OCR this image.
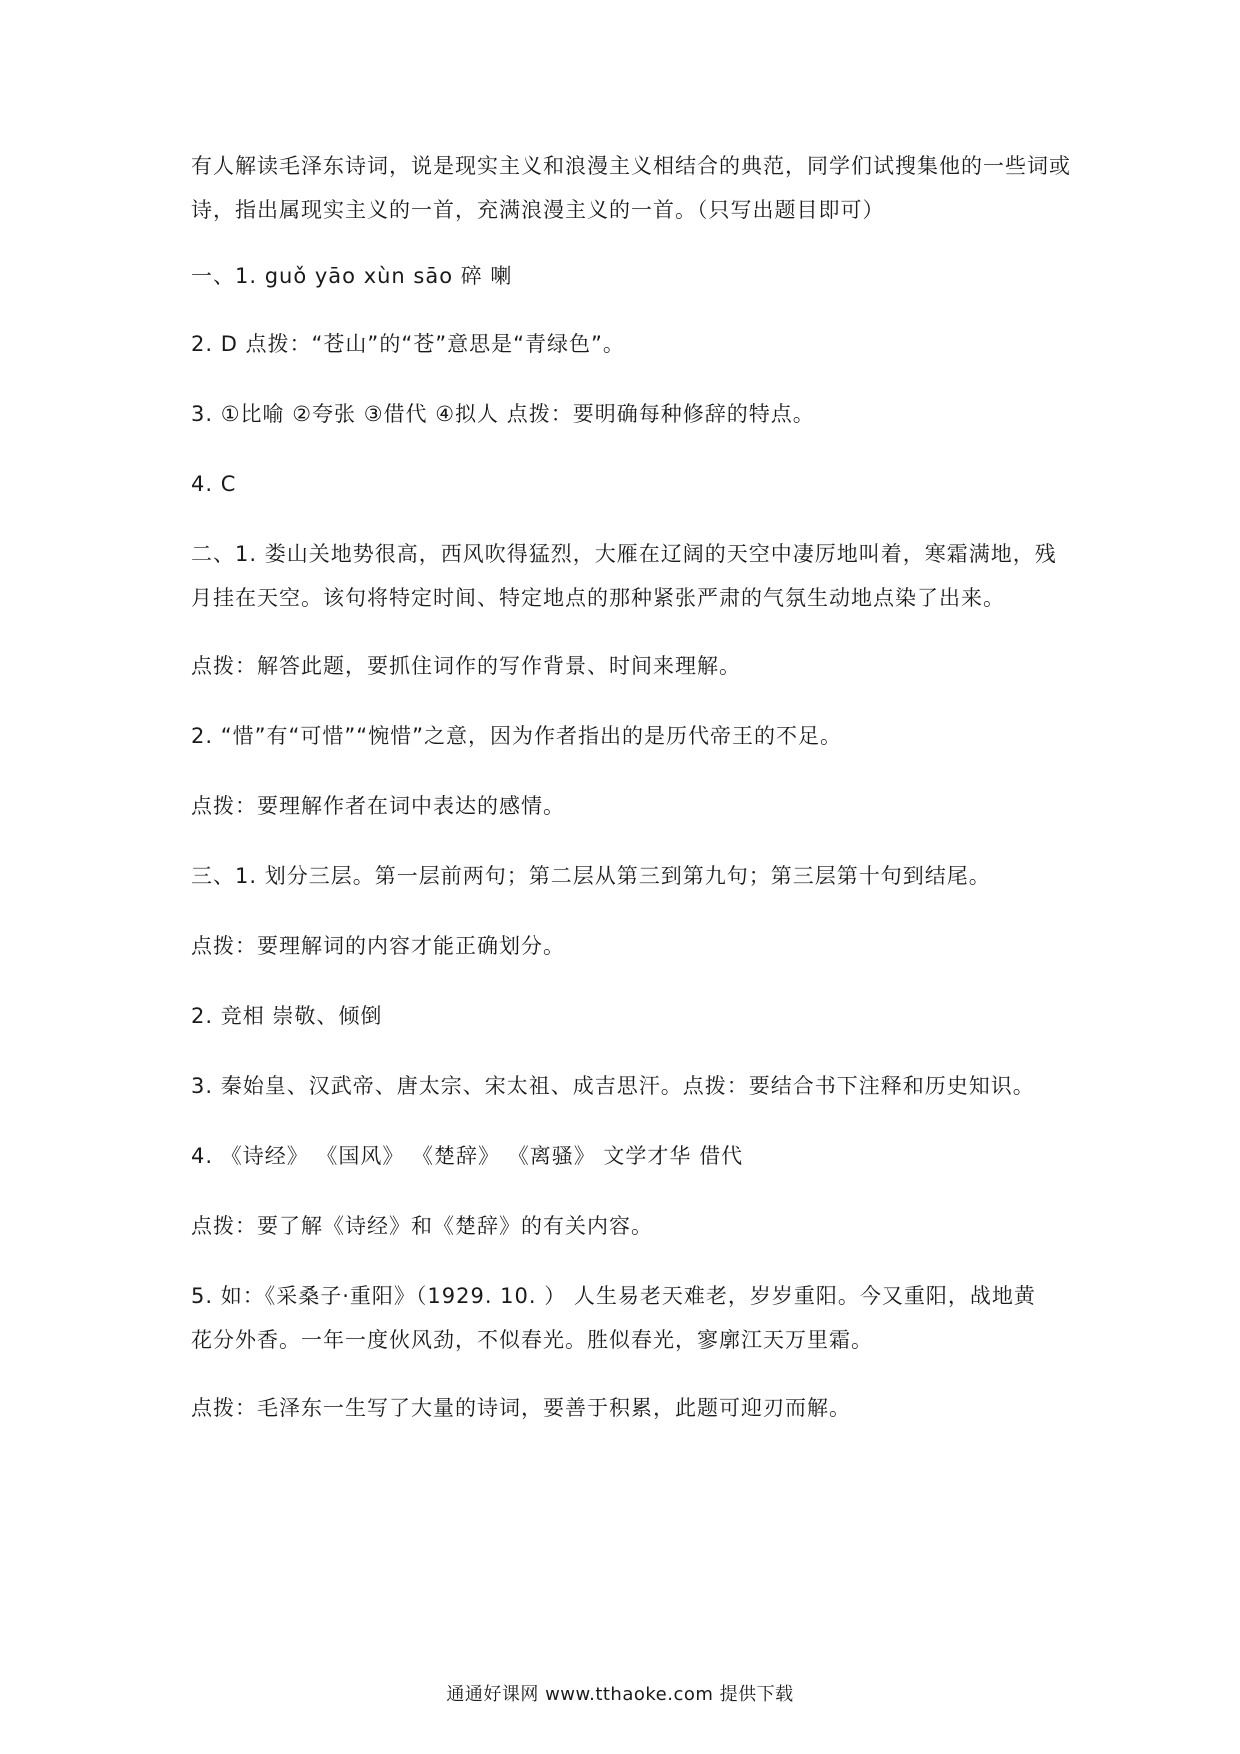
有人解读毛泽东诗词，说是现实主义和浪漫主义相结合的典范，同学们试搜集他的一些词或
诗，指出属现实主义的一首，充满浪漫主义的一首。（只写出题目即可）
一、1. guǒ yāo xùn sāo 碎 喇
2. D 点拨：“苍山”的“苍”意思是“青绿色”。
3. ①比喻 ②夸张 ③借代 ④拟人 点拨：要明确每种修辞的特点。
4. C
二、1. 娄山关地势很高，西风吹得猛烈，大雁在辽阔的天空中凄厉地叫着，寒霜满地，残
月挂在天空。该句将特定时间、特定地点的那种紧张严肃的气氛生动地点染了出来。
点拨：解答此题，要抓住词作的写作背景、时间来理解。
2. “惜”有“可惜”“惋惜”之意，因为作者指出的是历代帝王的不足。
点拨：要理解作者在词中表达的感情。
三、1. 划分三层。第一层前两句；第二层从第三到第九句；第三层第十句到结尾。
点拨：要理解词的内容才能正确划分。
2. 竞相 崇敬、倾倒
3. 秦始皇、汉武帝、唐太宗、宋太祖、成吉思汗。点拨：要结合书下注释和历史知识。
4. 《诗经》 《国风》 《楚辞》 《离骚》 文学才华 借代
点拨：要了解《诗经》和《楚辞》的有关内容。
5. 如：《采桑子·重阳》（1929. 10. ） 人生易老天难老，岁岁重阳。今又重阳，战地黄
花分外香。一年一度伙风劲，不似春光。胜似春光，寥廓江天万里霜。
点拨：毛泽东一生写了大量的诗词，要善于积累，此题可迎刃而解。
通通好课网 www.tthaoke.com 提供下载
